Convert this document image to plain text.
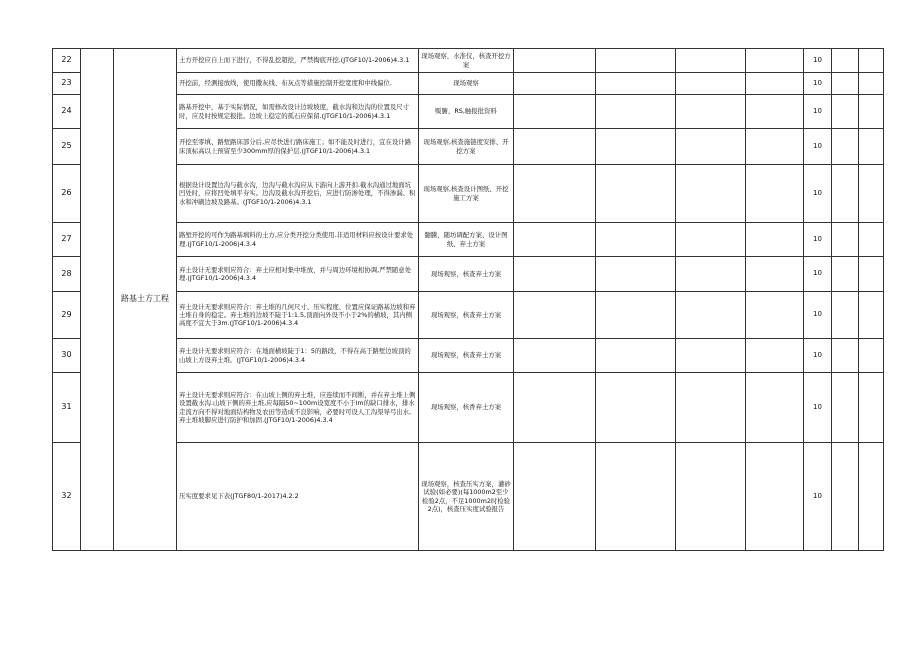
22		路基土方工程	土方开挖应自上而下进行，不得乱挖超挖，严禁掏底开挖.(JTGF10/1-2006)4.3.1	现场观察，水准仪，核查开挖方案					10		
23			开挖前，经测接放线，使用撒灰线、布灰点等措施控制开挖宽度和中线偏位.	现场观察					10		
24			路基开挖中，基于实际情况，如需修改设计边坡坡度，截水沟和边沟的位置及尺寸时，应及时按规定报批。边坡上稳定的孤石应保留.(JTGF10/1-2006)4.3.1	贩腑，RS,触报批资料					10		
25			开挖至零填、路堑路床部分后,应尽快进行路床施工；如不能及时进行，宜在设计路床顶标高以上预留至少300mm厚的保护层.(JTGF10/1-2006)4.3.1	现场观察,核查施链度安排、开挖方案					10		
26			根据设计设置边沟与截水沟，边沟与截水沟应从下游向上游开扣.截水沟通过地面坑凹处时，应将凹处填平夯实。边沟及截水沟开挖后，应进行防渗处理，不得渗漏、积水和冲刷边坡及路基。(JTGF10/1-2006)4.3.1	现场观察,核查设计图纸、开挖施工方案					10		
27			路堑开挖的可作为路基填料的土方,应分类开挖分类使用.非适用材料应按设计要求处理.(JTGF10/1-2006)4.3.4	髓騰，随坊调配方案、设计图纸、弃土方案					10		
28			弃土设计无要求则应符合：弃土应相对集中堆放，并与周边环境相协调,严禁随意处理.(JTGF10/1-2006)4.3.4	现场观察，核查弃土方案					10		
29			弃土设计无要求则应符合：弃土堆的几何尺寸、压实程度、位置应保证路基边坡和弃土堆自身的稳定。弃土堆的边坡不陡于1:1.5,顶面向外设不小于2%的横坡，其内侧高度不宜大于3m.(JTGF10/1-2006)4.3.4	现场观察，核查弃土方案					10		
30			弃土设计无要求则应符合：在地面横坡陡于1：5的路段，不得在高于路堑边坡顶的山坡上方设弃土堆。(JTGF10/1-2006)4.3.4	现场观察，核查弃土方案					10		
31			弃土设计无要求则应符合：在山坡上侧的弃土堆，应连续而不间断，并在弃土堆上侧设置截水沟.山坡下侧的弃土堆,应每隔50~100m设宽度不小于lm的缺口排水，排水走流方向不得对地面结构物及农田等造成不良影响，必要时可设人工沟渠导弓出水,弃土堆坡脚应进行防护和加固.(JTGF10/1-2006)4.3.4	现场观察，核香弃土方案					10		
32			压实度要求见下表(JTGF80/1-2017)4.2.2	现场观察，核查压实方案，灌砂试验(如必要)(每1000m2至少检验2点，不足1000m2时检验2点)，核查压实度试验报告					10		
